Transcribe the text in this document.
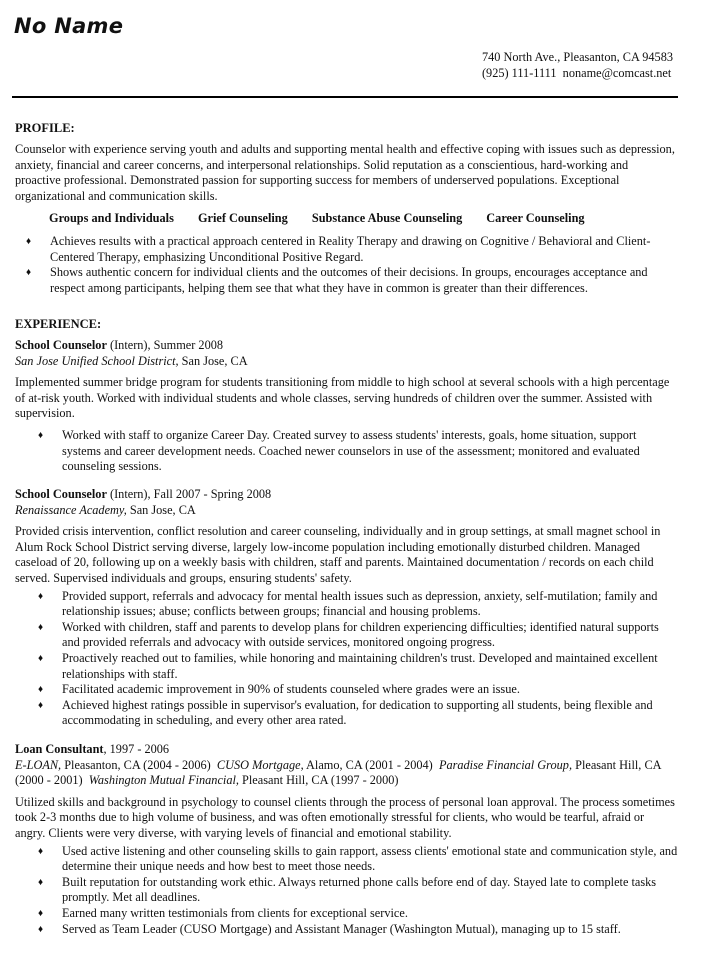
No Name
740 North Ave., Pleasanton, CA 94583
(925) 111-1111 noname@comcast.net
PROFILE:

Counselor with experience serving youth and adults and supporting mental health and effective coping with issues such as depression, anxiety, financial and career concerns, and interpersonal relationships. Solid reputation as a conscientious, hard-working and proactive professional. Demonstrated passion for supporting success for members of underserved populations. Exceptional organizational and communication skills.

Groups and Individuals Grief Counseling Substance Abuse Counseling Career Counseling
♦ Achieves results with a practical approach centered in Reality Therapy and drawing on Cognitive / Behavioral and Client-Centered Therapy, emphasizing Unconditional Positive Regard.
♦ Shows authentic concern for individual clients and the outcomes of their decisions. In groups, encourages acceptance and respect among participants, helping them see that what they have in common is greater than their differences.
EXPERIENCE:
School Counselor (Intern), Summer 2008
San Jose Unified School District, San Jose, CA

Implemented summer bridge program for students transitioning from middle to high school at several schools with a high percentage of at-risk youth. Worked with individual students and whole classes, serving hundreds of children over the summer. Assisted with supervision.

♦ Worked with staff to organize Career Day. Created survey to assess students' interests, goals, home situation, support systems and career development needs. Coached newer counselors in use of the assessment; monitored and evaluated counseling sessions.
School Counselor (Intern), Fall 2007 - Spring 2008
Renaissance Academy, San Jose, CA

Provided crisis intervention, conflict resolution and career counseling, individually and in group settings, at small magnet school in Alum Rock School District serving diverse, largely low-income population including emotionally disturbed children. Managed caseload of 20, following up on a weekly basis with children, staff and parents. Maintained documentation / records on each child served. Supervised individuals and groups, ensuring students' safety.

♦ Provided support, referrals and advocacy for mental health issues such as depression, anxiety, self-mutilation; family and relationship issues; abuse; conflicts between groups; financial and housing problems.
♦ Worked with children, staff and parents to develop plans for children experiencing difficulties; identified natural supports and provided referrals and advocacy with outside services, monitored ongoing progress.
♦ Proactively reached out to families, while honoring and maintaining children's trust. Developed and maintained excellent relationships with staff.
♦ Facilitated academic improvement in 90% of students counseled where grades were an issue.
♦ Achieved highest ratings possible in supervisor's evaluation, for dedication to supporting all students, being flexible and accommodating in scheduling, and every other area rated.
Loan Consultant, 1997 - 2006
E-LOAN, Pleasanton, CA (2004 - 2006) CUSO Mortgage, Alamo, CA (2001 - 2004) Paradise Financial Group, Pleasant Hill, CA (2000 - 2001) Washington Mutual Financial, Pleasant Hill, CA (1997 - 2000)

Utilized skills and background in psychology to counsel clients through the process of personal loan approval. The process sometimes took 2-3 months due to high volume of business, and was often emotionally stressful for clients, who would be tearful, afraid or angry. Clients were very diverse, with varying levels of financial and emotional stability.

♦ Used active listening and other counseling skills to gain rapport, assess clients' emotional state and communication style, and determine their unique needs and how best to meet those needs.
♦ Built reputation for outstanding work ethic. Always returned phone calls before end of day. Stayed late to complete tasks promptly. Met all deadlines.
♦ Earned many written testimonials from clients for exceptional service.
♦ Served as Team Leader (CUSO Mortgage) and Assistant Manager (Washington Mutual), managing up to 15 staff.
